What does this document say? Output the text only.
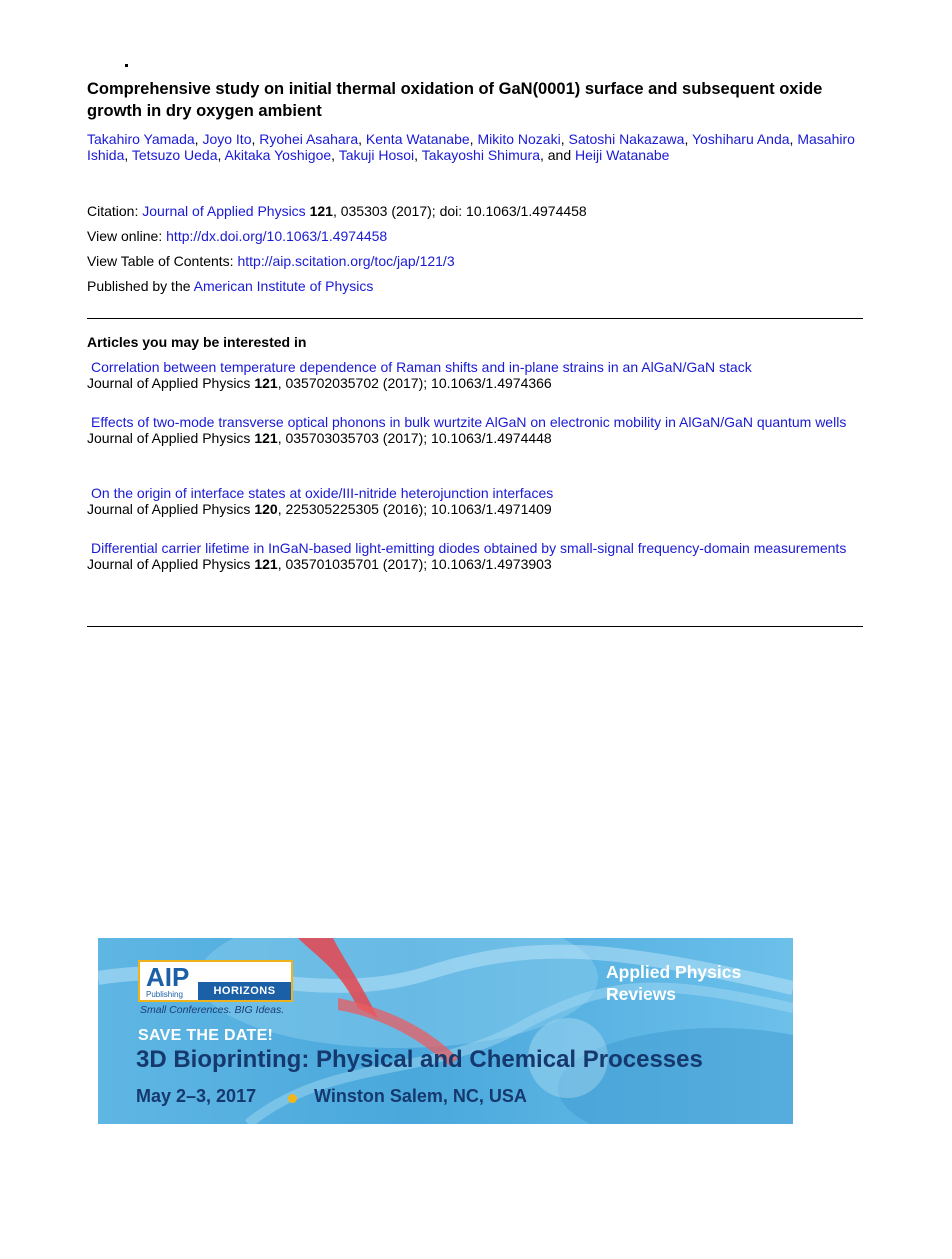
Comprehensive study on initial thermal oxidation of GaN(0001) surface and subsequent oxide growth in dry oxygen ambient

Takahiro Yamada, Joyo Ito, Ryohei Asahara, Kenta Watanabe, Mikito Nozaki, Satoshi Nakazawa, Yoshiharu Anda, Masahiro Ishida, Tetsuzo Ueda, Akitaka Yoshigoe, Takuji Hosoi, Takayoshi Shimura, and Heiji Watanabe

Citation: Journal of Applied Physics 121, 035303 (2017); doi: 10.1063/1.4974458

View online: http://dx.doi.org/10.1063/1.4974458

View Table of Contents: http://aip.scitation.org/toc/jap/121/3

Published by the American Institute of Physics

Articles you may be interested in
Correlation between temperature dependence of Raman shifts and in-plane strains in an AlGaN/GaN stack
Journal of Applied Physics 121, 035702035702 (2017); 10.1063/1.4974366
Effects of two-mode transverse optical phonons in bulk wurtzite AlGaN on electronic mobility in AlGaN/GaN quantum wells
Journal of Applied Physics 121, 035703035703 (2017); 10.1063/1.4974448
On the origin of interface states at oxide/III-nitride heterojunction interfaces
Journal of Applied Physics 120, 225305225305 (2016); 10.1063/1.4971409
Differential carrier lifetime in InGaN-based light-emitting diodes obtained by small-signal frequency-domain measurements
Journal of Applied Physics 121, 035701035701 (2017); 10.1063/1.4973903
AIP
Publishing	HORIZONS
Small Conferences. BIG Ideas.
SAVE THE DATE!
3D Bioprinting: Physical and Chemical Processes
May 2–3, 2017	Winston Salem, NC, USA
Applied Physics Reviews
